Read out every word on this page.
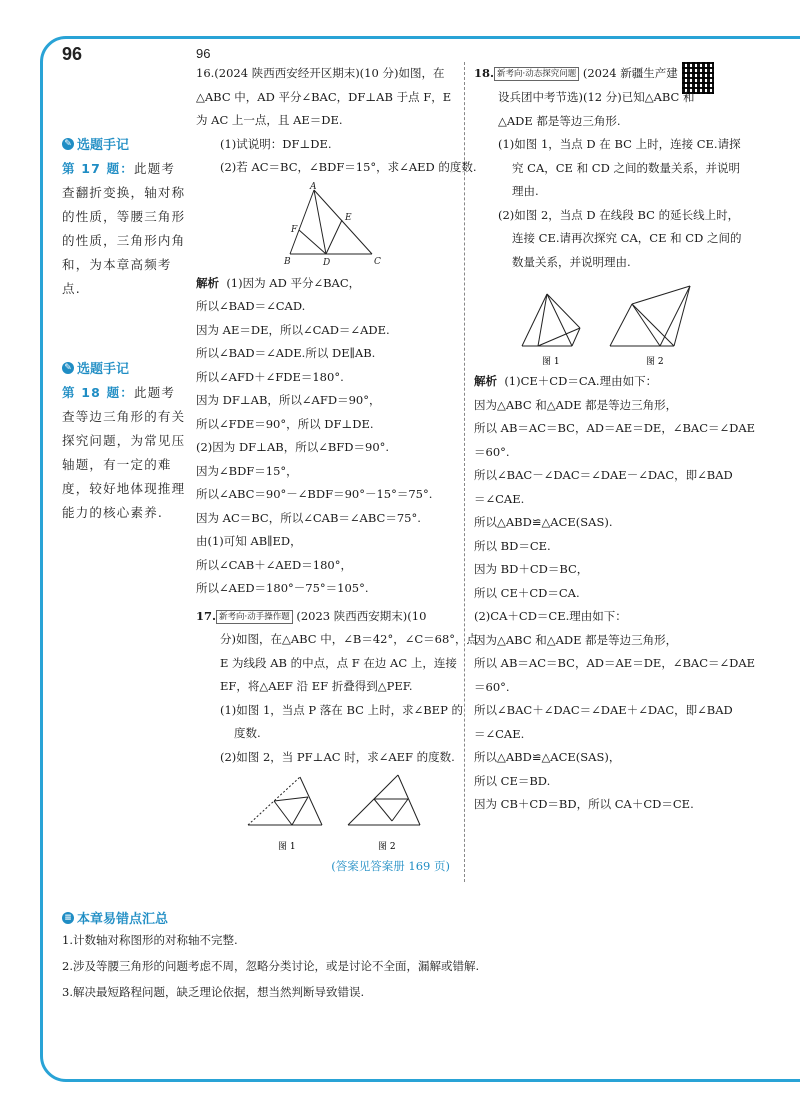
96	96
✎ 选题手记
第 17 题：此题考查翻折变换，轴对称的性质，等腰三角形的性质，三角形内角和，为本章高频考点.
✎ 选题手记
第 18 题：此题考查等边三角形的有关探究问题，为常见压轴题，有一定的难度，较好地体现推理能力的核心素养.

16.(2024 陕西西安经开区期末)(10 分)如图，在

△ABC 中，AD 平分∠BAC，DF⊥AB 于点 F，E

为 AC 上一点，且 AE＝DE.

(1)试说明：DF⊥DE.

(2)若 AC＝BC，∠BDF＝15°，求∠AED 的度数.

A
E
F
B	D	C

解析 (1)因为 AD 平分∠BAC，

所以∠BAD＝∠CAD.

因为 AE＝DE，所以∠CAD＝∠ADE.

所以∠BAD＝∠ADE.所以 DE∥AB.

所以∠AFD＋∠FDE＝180°.

因为 DF⊥AB，所以∠AFD＝90°，

所以∠FDE＝90°，所以 DF⊥DE.

(2)因为 DF⊥AB，所以∠BFD＝90°.

因为∠BDF＝15°，

所以∠ABC＝90°－∠BDF＝90°－15°＝75°.

因为 AC＝BC，所以∠CAB＝∠ABC＝75°.

由(1)可知 AB∥ED，

所以∠CAB＋∠AED＝180°，

所以∠AED＝180°－75°＝105°.

17. 新考向·动手操作题 (2023 陕西西安期末)(10

分)如图，在△ABC 中，∠B＝42°，∠C＝68°，点

E 为线段 AB 的中点，点 F 在边 AC 上，连接

EF，将△AEF 沿 EF 折叠得到△PEF.

(1)如图 1，当点 P 落在 BC 上时，求∠BEP 的

度数.

(2)如图 2，当 PF⊥AC 时，求∠AEF 的度数.

图 1	图 2

(答案见答案册 169 页)

18. 新考向·动态探究问题 (2024 新疆生产建

设兵团中考节选)(12 分)已知△ABC 和

△ADE 都是等边三角形.

(1)如图 1，当点 D 在 BC 上时，连接 CE.请探

究 CA，CE 和 CD 之间的数量关系，并说明

理由.

(2)如图 2，当点 D 在线段 BC 的延长线上时，

连接 CE.请再次探究 CA，CE 和 CD 之间的

数量关系，并说明理由.

图 1	图 2

解析 (1)CE＋CD＝CA.理由如下：

因为△ABC 和△ADE 都是等边三角形，

所以 AB＝AC＝BC，AD＝AE＝DE，∠BAC＝∠DAE

＝60°.

所以∠BAC－∠DAC＝∠DAE－∠DAC，即∠BAD

＝∠CAE.

所以△ABD≌△ACE(SAS).

所以 BD＝CE.

因为 BD＋CD＝BC，

所以 CE＋CD＝CA.

(2)CA＋CD＝CE.理由如下：

因为△ABC 和△ADE 都是等边三角形，

所以 AB＝AC＝BC，AD＝AE＝DE，∠BAC＝∠DAE

＝60°.

所以∠BAC＋∠DAC＝∠DAE＋∠DAC，即∠BAD

＝∠CAE.

所以△ABD≌△ACE(SAS)，

所以 CE＝BD.

因为 CB＋CD＝BD，所以 CA＋CD＝CE.

≡ 本章易错点汇总

1.计数轴对称图形的对称轴不完整.

2.涉及等腰三角形的问题考虑不周，忽略分类讨论，或是讨论不全面，漏解或错解.

3.解决最短路程问题，缺乏理论依据，想当然判断导致错误.
